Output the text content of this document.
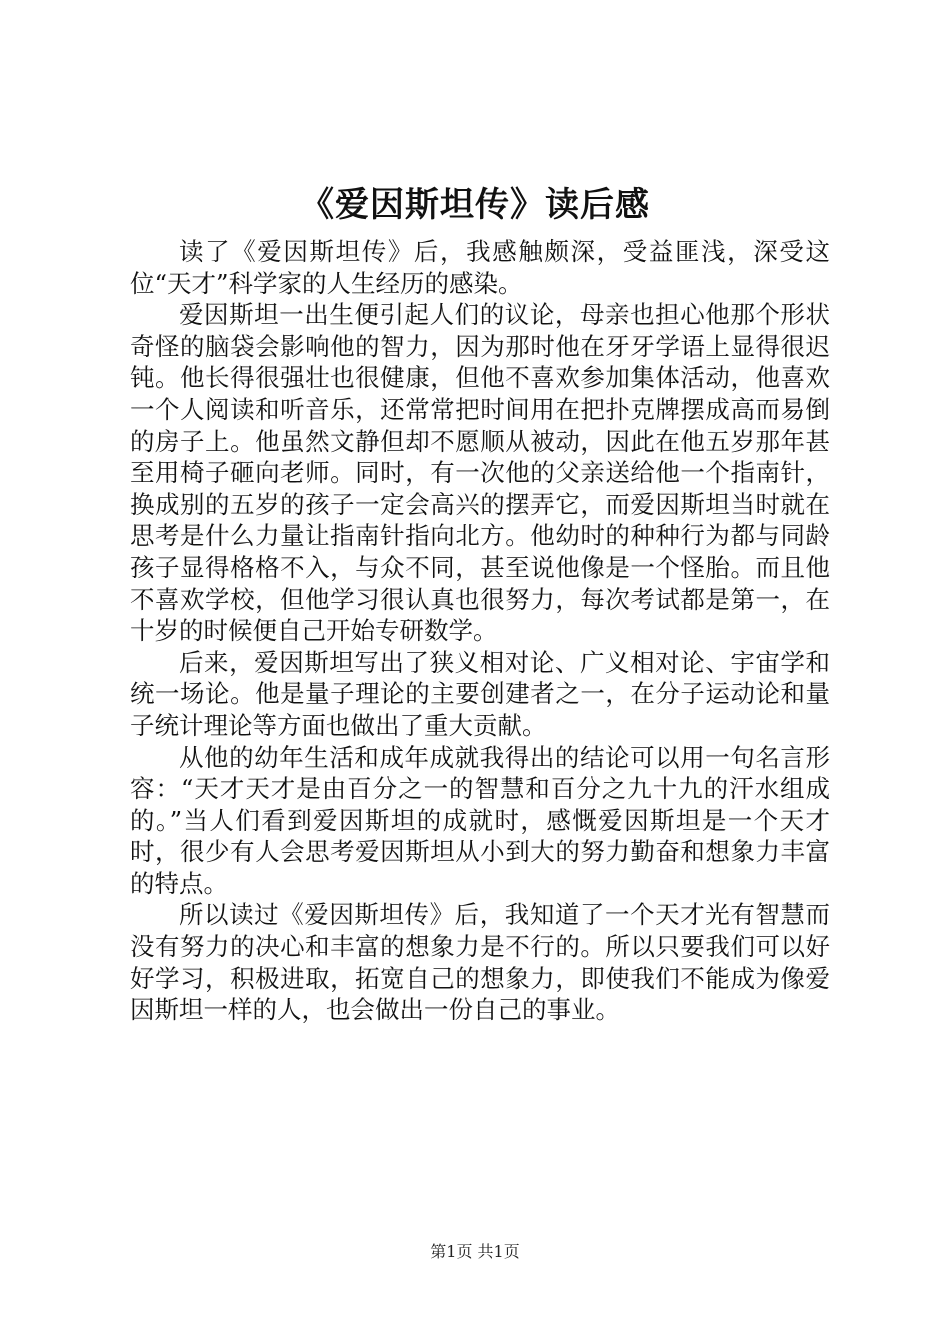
《爱因斯坦传》读后感

读了《爱因斯坦传》后，我感触颇深，受益匪浅，深受这位“天才”科学家的人生经历的感染。

爱因斯坦一出生便引起人们的议论，母亲也担心他那个形状奇怪的脑袋会影响他的智力，因为那时他在牙牙学语上显得很迟钝。他长得很强壮也很健康，但他不喜欢参加集体活动，他喜欢一个人阅读和听音乐，还常常把时间用在把扑克牌摆成高而易倒的房子上。他虽然文静但却不愿顺从被动，因此在他五岁那年甚至用椅子砸向老师。同时，有一次他的父亲送给他一个指南针，换成别的五岁的孩子一定会高兴的摆弄它，而爱因斯坦当时就在思考是什么力量让指南针指向北方。他幼时的种种行为都与同龄孩子显得格格不入，与众不同，甚至说他像是一个怪胎。而且他不喜欢学校，但他学习很认真也很努力，每次考试都是第一，在十岁的时候便自己开始专研数学。

后来，爱因斯坦写出了狭义相对论、广义相对论、宇宙学和统一场论。他是量子理论的主要创建者之一，在分子运动论和量子统计理论等方面也做出了重大贡献。

从他的幼年生活和成年成就我得出的结论可以用一句名言形容：“天才天才是由百分之一的智慧和百分之九十九的汗水组成的。”当人们看到爱因斯坦的成就时，感慨爱因斯坦是一个天才时，很少有人会思考爱因斯坦从小到大的努力勤奋和想象力丰富的特点。

所以读过《爱因斯坦传》后，我知道了一个天才光有智慧而没有努力的决心和丰富的想象力是不行的。所以只要我们可以好好学习，积极进取，拓宽自己的想象力，即使我们不能成为像爱因斯坦一样的人，也会做出一份自己的事业。

第1页 共1页
